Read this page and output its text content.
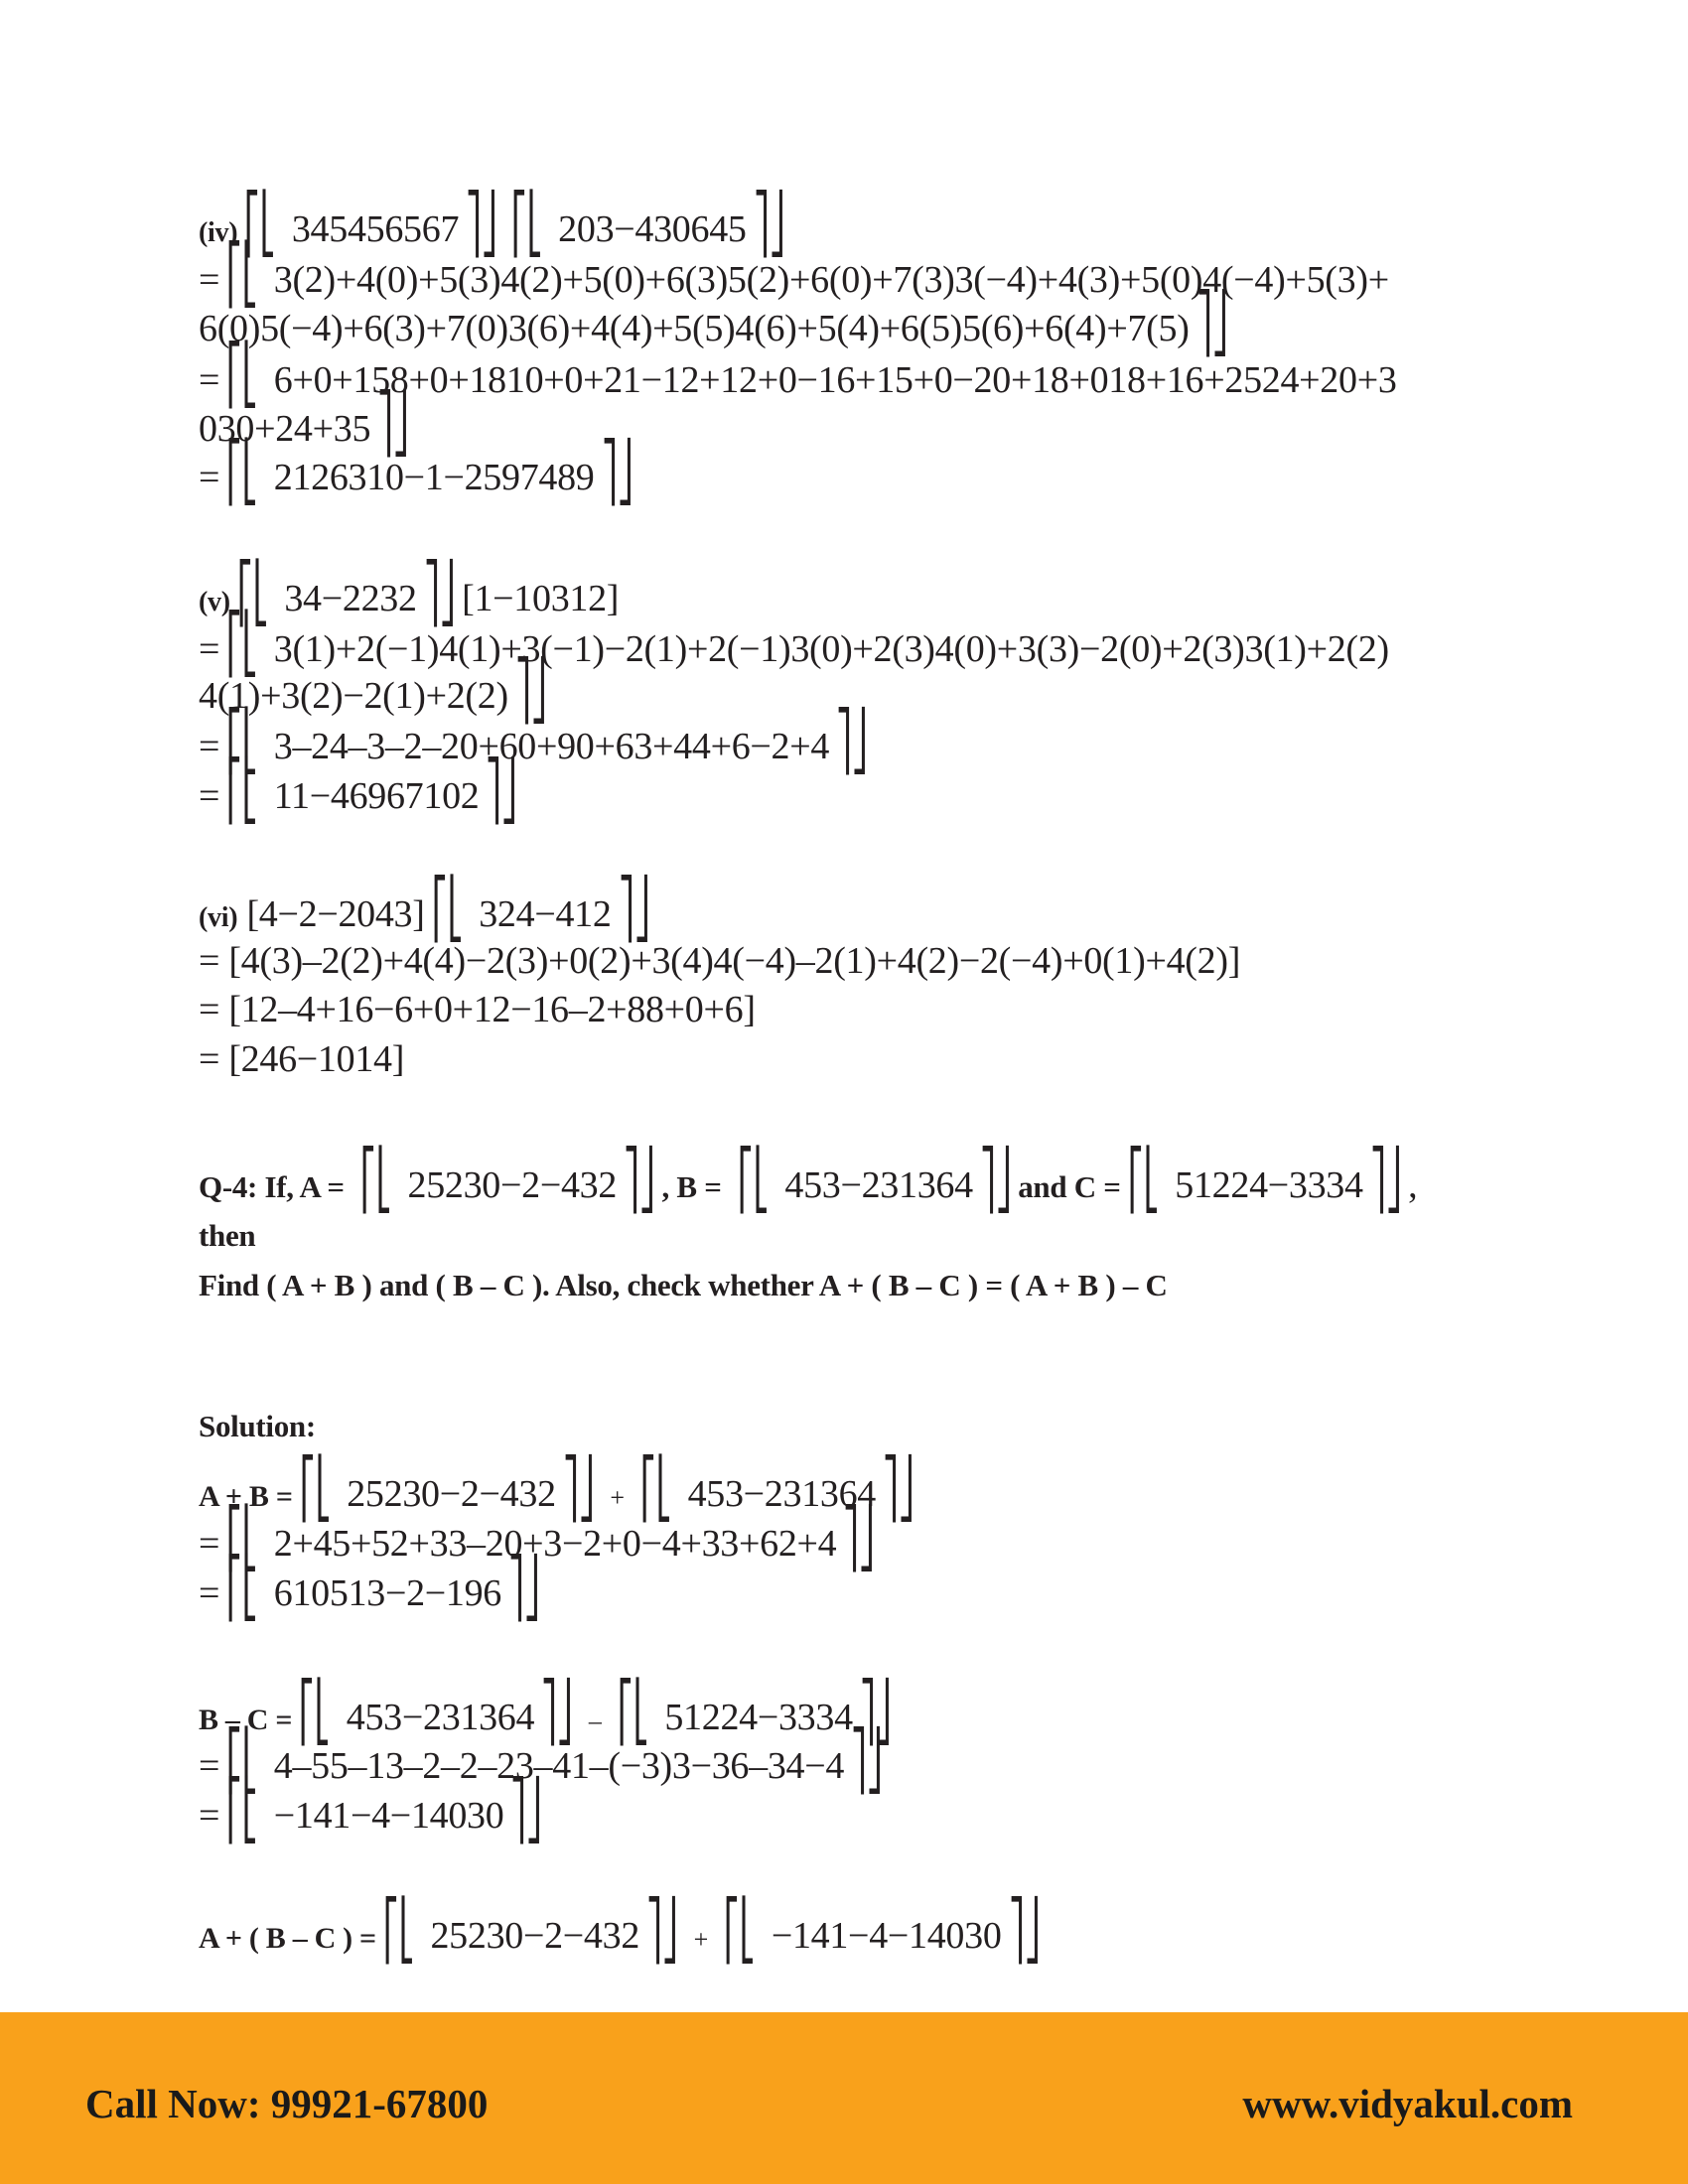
(iv) ⎡⎣ 345456567 ⎤⎦ ⎡⎣ 203−430645 ⎤⎦
= ⎡⎣ 3(2)+4(0)+5(3)4(2)+5(0)+6(3)5(2)+6(0)+7(3)3(−4)+4(3)+5(0)4(−4)+5(3)+
6(0)5(−4)+6(3)+7(0)3(6)+4(4)+5(5)4(6)+5(4)+6(5)5(6)+6(4)+7(5) ⎤⎦
= ⎡⎣ 6+0+158+0+1810+0+21−12+12+0−16+15+0−20+18+018+16+2524+20+3
030+24+35 ⎤⎦
= ⎡⎣ 2126310−1−2597489 ⎤⎦
(v) ⎡⎣ 34−2232 ⎤⎦ [1−10312]
= ⎡⎣ 3(1)+2(−1)4(1)+3(−1)−2(1)+2(−1)3(0)+2(3)4(0)+3(3)−2(0)+2(3)3(1)+2(2)
4(1)+3(2)−2(1)+2(2) ⎤⎦
= ⎡⎣ 3–24–3–2–20+60+90+63+44+6−2+4 ⎤⎦
= ⎡⎣ 11−46967102 ⎤⎦
(vi) [4−2−2043] ⎡⎣ 324−412 ⎤⎦
= [4(3)–2(2)+4(4)−2(3)+0(2)+3(4)4(−4)–2(1)+4(2)−2(−4)+0(1)+4(2)]
= [12–4+16−6+0+12−16–2+88+0+6]
= [246−1014]
Q-4: If, A = ⎡⎣ 25230−2−432 ⎤⎦ , B = ⎡⎣ 453−231364 ⎤⎦ and C = ⎡⎣ 51224−3334 ⎤⎦ ,
then
Find ( A + B ) and ( B – C ). Also, check whether A + ( B – C ) = ( A + B ) – C
Solution:
A + B = ⎡⎣ 25230−2−432 ⎤⎦ + ⎡⎣ 453−231364 ⎤⎦
= ⎡⎣ 2+45+52+33–20+3−2+0−4+33+62+4 ⎤⎦
= ⎡⎣ 610513−2−196 ⎤⎦
B – C = ⎡⎣ 453−231364 ⎤⎦ – ⎡⎣ 51224−3334 ⎤⎦
= ⎡⎣ 4–55–13–2–2–23–41–(−3)3−36–34−4 ⎤⎦
= ⎡⎣ −141−4−14030 ⎤⎦
A + ( B – C ) = ⎡⎣ 25230−2−432 ⎤⎦ + ⎡⎣ −141−4−14030 ⎤⎦
Call Now: 99921-67800	www.vidyakul.com
